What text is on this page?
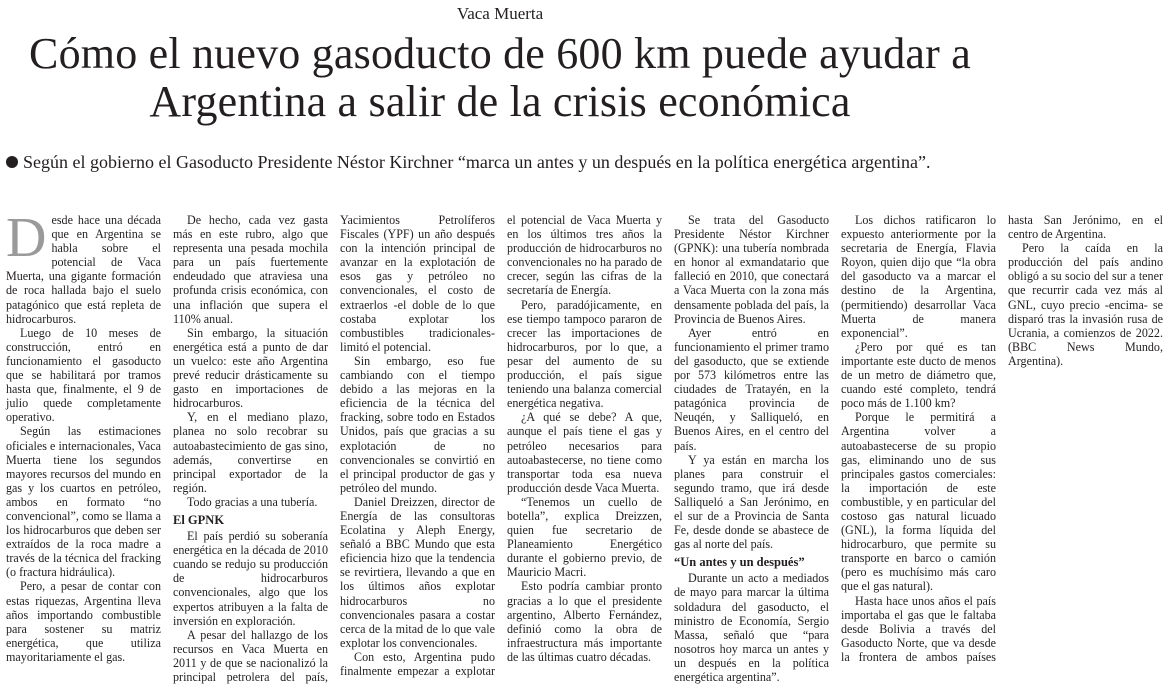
Vaca Muerta
Cómo el nuevo gasoducto de 600 km puede ayudar a Argentina a salir de la crisis económica
Según el gobierno el Gasoducto Presidente Néstor Kirchner “marca un antes y un después en la política energética argentina”.

Desde hace una década que en Argentina se habla sobre el potencial de Vaca Muerta, una gigante formación de roca hallada bajo el suelo patagónico que está repleta de hidrocarburos.

Luego de 10 meses de construcción, entró en funcionamiento el gasoducto que se habilitará por tramos hasta que, finalmente, el 9 de julio quede completamente operativo.

Según las estimaciones oficiales e internacionales, Vaca Muerta tiene los segundos mayores recursos del mundo en gas y los cuartos en petróleo, ambos en formato “no convencional”, como se llama a los hidrocarburos que deben ser extraídos de la roca madre a través de la técnica del fracking (o fractura hidráulica).

Pero, a pesar de contar con estas riquezas, Argentina lleva años importando combustible para sostener su matriz energética, que utiliza mayoritariamente el gas.

De hecho, cada vez gasta más en este rubro, algo que representa una pesada mochila para un país fuertemente endeudado que atraviesa una profunda crisis económica, con una inflación que supera el 110% anual.

Sin embargo, la situación energética está a punto de dar un vuelco: este año Argentina prevé reducir drásticamente su gasto en importaciones de hidrocarburos.

Y, en el mediano plazo, planea no solo recobrar su autoabastecimiento de gas sino, además, convertirse en principal exportador de la región.

Todo gracias a una tubería.

El GPNK

El país perdió su soberanía energética en la década de 2010 cuando se redujo su producción de hidrocarburos convencionales, algo que los expertos atribuyen a la falta de inversión en exploración.

A pesar del hallazgo de los recursos en Vaca Muerta en 2011 y de que se nacionalizó la principal petrolera del país, Yacimientos Petrolíferos Fiscales (YPF) un año después con la intención principal de avanzar en la explotación de esos gas y petróleo no convencionales, el costo de extraerlos -el doble de lo que costaba explotar los combustibles tradicionales- limitó el potencial.

Sin embargo, eso fue cambiando con el tiempo debido a las mejoras en la eficiencia de la técnica del fracking, sobre todo en Estados Unidos, país que gracias a su explotación de no convencionales se convirtió en el principal productor de gas y petróleo del mundo.

Daniel Dreizzen, director de Energía de las consultoras Ecolatina y Aleph Energy, señaló a BBC Mundo que esta eficiencia hizo que la tendencia se revirtiera, llevando a que en los últimos años explotar hidrocarburos no convencionales pasara a costar cerca de la mitad de lo que vale explotar los convencionales.

Con esto, Argentina pudo finalmente empezar a explotar el potencial de Vaca Muerta y en los últimos tres años la producción de hidrocarburos no convencionales no ha parado de crecer, según las cifras de la secretaría de Energía.

Pero, paradójicamente, en ese tiempo tampoco pararon de crecer las importaciones de hidrocarburos, por lo que, a pesar del aumento de su producción, el país sigue teniendo una balanza comercial energética negativa.

¿A qué se debe? A que, aunque el país tiene el gas y petróleo necesarios para autoabastecerse, no tiene como transportar toda esa nueva producción desde Vaca Muerta.

“Tenemos un cuello de botella”, explica Dreizzen, quien fue secretario de Planeamiento Energético durante el gobierno previo, de Mauricio Macri.

Esto podría cambiar pronto gracias a lo que el presidente argentino, Alberto Fernández, definió como la obra de infraestructura más importante de las últimas cuatro décadas.

Se trata del Gasoducto Presidente Néstor Kirchner (GPNK): una tubería nombrada en honor al exmandatario que falleció en 2010, que conectará a Vaca Muerta con la zona más densamente poblada del país, la Provincia de Buenos Aires.

Ayer entró en funcionamiento el primer tramo del gasoducto, que se extiende por 573 kilómetros entre las ciudades de Tratayén, en la patagónica provincia de Neuqén, y Salliqueló, en Buenos Aires, en el centro del país.

Y ya están en marcha los planes para construir el segundo tramo, que irá desde Salliqueló a San Jerónimo, en el sur de a Provincia de Santa Fe, desde donde se abastece de gas al norte del país.

“Un antes y un después”

Durante un acto a mediados de mayo para marcar la última soldadura del gasoducto, el ministro de Economía, Sergio Massa, señaló que “para nosotros hoy marca un antes y un después en la política energética argentina”.

Los dichos ratificaron lo expuesto anteriormente por la secretaria de Energía, Flavia Royon, quien dijo que “la obra del gasoducto va a marcar el destino de la Argentina, (permitiendo) desarrollar Vaca Muerta de manera exponencial”.

¿Pero por qué es tan importante este ducto de menos de un metro de diámetro que, cuando esté completo, tendrá poco más de 1.100 km?

Porque le permitirá a Argentina volver a autoabastecerse de su propio gas, eliminando uno de sus principales gastos comerciales: la importación de este combustible, y en particular del costoso gas natural licuado (GNL), la forma líquida del hidrocarburo, que permite su transporte en barco o camión (pero es muchísimo más caro que el gas natural).

Hasta hace unos años el país importaba el gas que le faltaba desde Bolivia a través del Gasoducto Norte, que va desde la frontera de ambos países hasta San Jerónimo, en el centro de Argentina.

Pero la caída en la producción del país andino obligó a su socio del sur a tener que recurrir cada vez más al GNL, cuyo precio -encima- se disparó tras la invasión rusa de Ucrania, a comienzos de 2022. (BBC News Mundo, Argentina).
